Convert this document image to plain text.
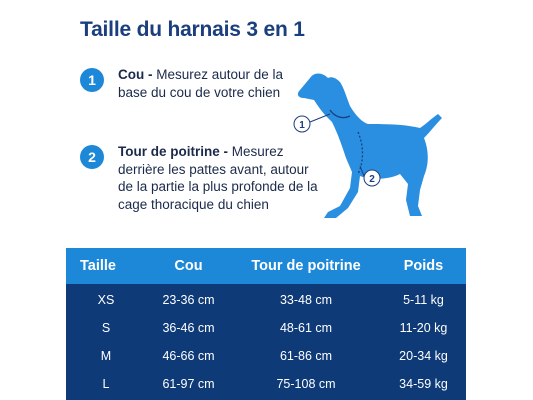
Taille du harnais 3 en 1
1	Cou - Mesurez autour de la base du cou de votre chien
2	Tour de poitrine - Mesurez derrière les pattes avant, autour de la partie la plus profonde de la cage thoracique du chien
1
2
Taille	Cou	Tour de poitrine	Poids
XS	23-36 cm	33-48 cm	5-11 kg
S	36-46 cm	48-61 cm	11-20 kg
M	46-66 cm	61-86 cm	20-34 kg
L	61-97 cm	75-108 cm	34-59 kg
